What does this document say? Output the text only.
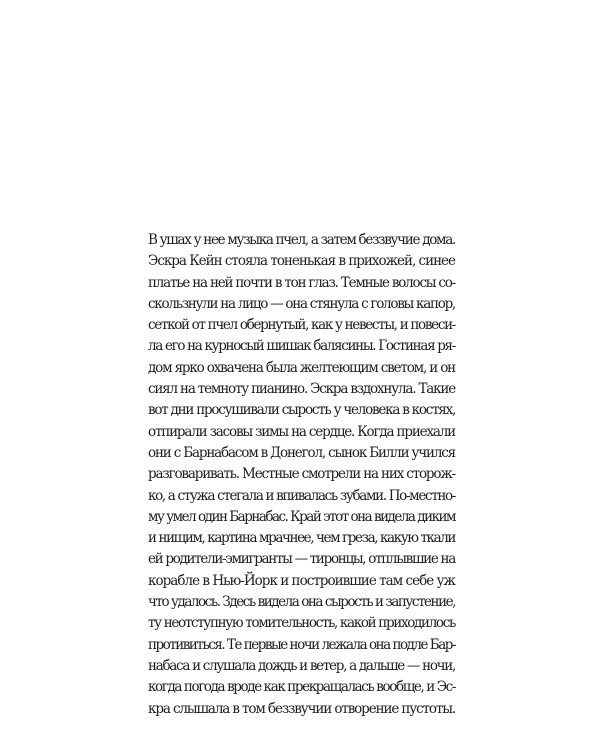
В ушах у нее музыка пчел, а затем беззвучие дома.
Эскра Кейн стояла тоненькая в прихожей, синее
платье на ней почти в тон глаз. Темные волосы со-
скользнули на лицо — она стянула с головы капор,
сеткой от пчел обернутый, как у невесты, и повеси-
ла его на курносый шишак балясины. Гостиная ря-
дом ярко охвачена была желтеющим светом, и он
сиял на темноту пианино. Эскра вздохнула. Такие
вот дни просушивали сырость у человека в костях,
отпирали засовы зимы на сердце. Когда приехали
они с Барнабасом в Донегол, сынок Билли учился
разговаривать. Местные смотрели на них сторож-
ко, а стужа стегала и впивалась зубами. По-местно-
му умел один Барнабас. Край этот она видела диким
и нищим, картина мрачнее, чем греза, какую ткали
ей родители-эмигранты — тиронцы, отплывшие на
корабле в Нью-Йорк и построившие там себе уж
что удалось. Здесь видела она сырость и запустение,
ту неотступную томительность, какой приходилось
противиться. Те первые ночи лежала она подле Бар-
набаса и слушала дождь и ветер, а дальше — ночи,
когда погода вроде как прекращалась вообще, и Эс-
кра слышала в том беззвучии отворение пустоты.
